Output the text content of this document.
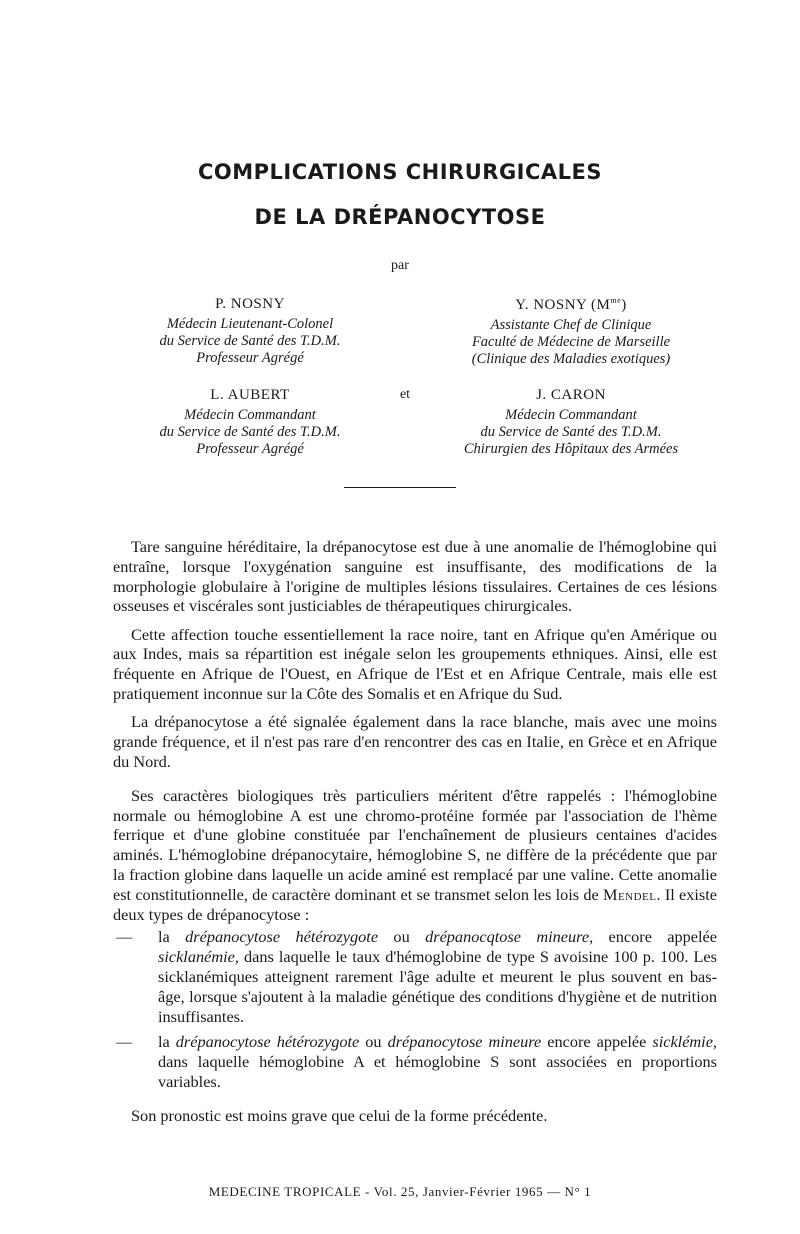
COMPLICATIONS CHIRURGICALES
DE LA DRÉPANOCYTOSE
par
P. NOSNY
Médecin Lieutenant-Colonel
du Service de Santé des T.D.M.
Professeur Agrégé
Y. NOSNY $(M^{me})$
Assistante Chef de Clinique
Faculté de Médecine de Marseille
(Clinique des Maladies exotiques)
L. AUBERT
Médecin Commandant
du Service de Santé des T.D.M.
Professeur Agrégé
et	J. CARON
Médecin Commandant
du Service de Santé des T.D.M.
Chirurgien des Hôpitaux des Armées

Tare sanguine héréditaire, la drépanocytose est due à une anomalie de l'hémoglobine qui entraîne, lorsque l'oxygénation sanguine est insuffisante, des modifications de la morphologie globulaire à l'origine de multiples lésions tissulaires. Certaines de ces lésions osseuses et viscérales sont justiciables de thérapeutiques chirurgicales.

Cette affection touche essentiellement la race noire, tant en Afrique qu'en Amérique ou aux Indes, mais sa répartition est inégale selon les groupements ethniques. Ainsi, elle est fréquente en Afrique de l'Ouest, en Afrique de l'Est et en Afrique Centrale, mais elle est pratiquement inconnue sur la Côte des Somalis et en Afrique du Sud.

La drépanocytose a été signalée également dans la race blanche, mais avec une moins grande fréquence, et il n'est pas rare d'en rencontrer des cas en Italie, en Grèce et en Afrique du Nord.

Ses caractères biologiques très particuliers méritent d'être rappelés : l'hémoglobine normale ou hémoglobine A est une chromo-protéine formée par l'association de l'hème ferrique et d'une globine constituée par l'enchaînement de plusieurs centaines d'acides aminés. L'hémoglobine drépanocytaire, hémoglobine S, ne diffère de la précédente que par la fraction globine dans laquelle un acide aminé est remplacé par une valine. Cette anomalie est constitutionnelle, de caractère dominant et se transmet selon les lois de Mendel. Il existe deux types de drépanocytose :

—	la drépanocytose hétérozygote ou drépanocqtose mineure, encore appelée sicklanémie, dans laquelle le taux d'hémoglobine de type S avoisine 100 p. 100. Les sicklanémiques atteignent rarement l'âge adulte et meurent le plus souvent en bas-âge, lorsque s'ajoutent à la maladie génétique des conditions d'hygiène et de nutrition insuffisantes.
—	la drépanocytose hétérozygote ou drépanocytose mineure encore appelée sicklémie, dans laquelle hémoglobine A et hémoglobine S sont associées en proportions variables.

Son pronostic est moins grave que celui de la forme précédente.

MEDECINE TROPICALE - Vol. 25, Janvier-Février 1965 — N° 1
